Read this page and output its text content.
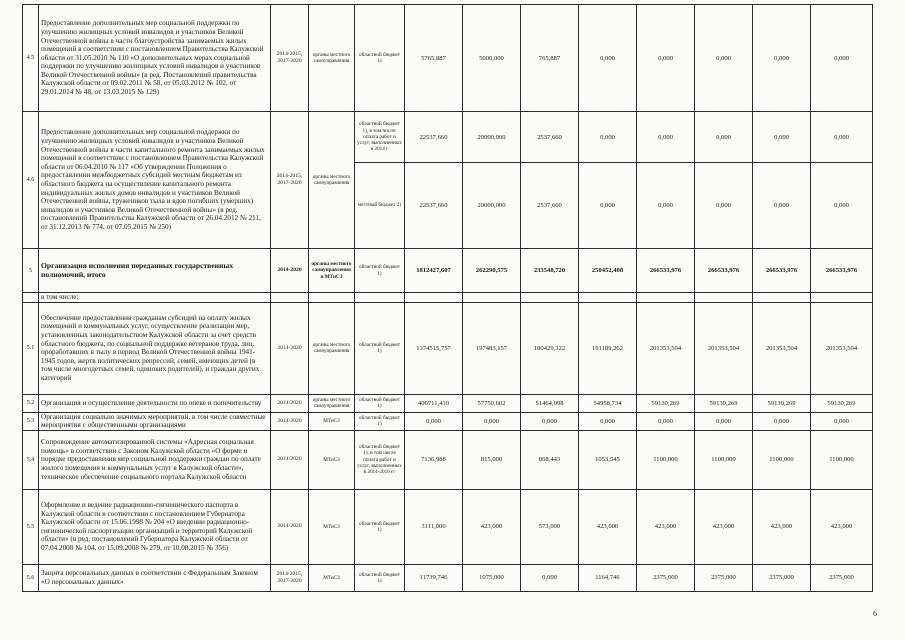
4.5	Предоставление дополнительных мер социальной поддержки по улучшению жилищных условий инвалидов и участников Великой Отечественной войны в части благоустройства занимаемых жилых помещений в соответствии с постановлением Правительства Калужской области от 31.05.2010 № 110 «О дополнительных мерах социальной поддержки по улучшению жилищных условий инвалидов и участников Великой Отечественной войны» (в ред. Постановлений правительства Калужской области от 09.02.2011 № 58, от 05.03.2012 № 102, от 29.01.2014 № 48, от 13.03.2015 № 129)	2014-2015, 2017-2020	органы местного самоуправления	областной бюджет 1)	5765,887	5000,000	765,887	0,000	0,000	0,000	0,000	0,000
4.6	Предоставление дополнительных мер социальной поддержки по улучшению жилищных условий инвалидов и участников Великой Отечественной войны в части капитального ремонта занимаемых жилых помещений в соответствии с постановлением Правительства Калужской области от 06.04.2010 № 117 «Об утверждении Положения о предоставлении межбюджетных субсидий местным бюджетам из областного бюджета на осуществление капитального ремонта индивидуальных жилых домов инвалидов и участников Великой Отечественной войны, тружеников тыла и вдов погибших (умерших) инвалидов и участников Великой Отечественной войны» (в ред. постановлений Правительства Калужской области от 26.04.2012 № 211, от 31.12.2013 № 774, от 07.05.2015 № 250)	2014-2015, 2017-2020	органы местного самоуправления	областной бюджет 1), в том числе: оплата работ и услуг, выполненных в 2014 г	22537,660	20000,000	2537,660	0,000	0,000	0,000	0,000	0,000
				местный бюджет 2)	22537,660	20000,000	2537,660	0,000	0,000	0,000	0,000	0,000
5	Организация исполнения переданных государственных полномочий, итого	2014-2020	органы местного самоуправления и МТиСЗ	областной бюджет 1)	1812427,607	262290,575	233548,720	250452,408	266533,976	266533,976	266533,976	266533,976
	в том числе:											
5.1	Обеспечение предоставления гражданам субсидий на оплату жилых помещений и коммунальных услуг, осуществление реализации мер, установленных законодательством Калужской области за счет средств областного бюджета, по социальной поддержке ветеранов труда, лиц, проработавших в тылу в период Великой Отечественной войны 1941-1945 годов, жертв политических репрессий, семей, имеющих детей (в том числе многодетных семей, одиноких родителей), и граждан других категорий	2014-2020	органы местного самоуправления	областной бюджет 1)	1374515,757	197483,157	180429,322	191189,262	201353,504	201353,504	201353,504	201353,504
5.2	Организация и осуществление деятельности по опеке и попечительству	2014-2020	органы местного самоуправления	областной бюджет 1)	400711,410	57750,602	51464,998	54958,734	59139,269	59139,269	59139,269	59139,269
5.3	Организация социально значимых мероприятий, в том числе совместные мероприятия с общественными организациями	2014-2020	МТиСЗ	областной бюджет 1)	0,000	0,000	0,000	0,000	0,000	0,000	0,000	0,000
5.4	Сопровождение автоматизированной системы «Адресная социальная помощь» в соответствии с Законом Калужской области «О форме и порядке предоставления мер социальной поддержки граждан по оплате жилого помещения и коммунальных услуг в Калужской области», техническое обеспечение социального портала Калужской области	2014-2020	МТиСЗ	областной бюджет 1), в том числе оплата работ и услуг, выполненных в 2014-2016 гг	7136,988	815,000	868,443	1053,545	1100,000	1100,000	1100,000	1100,000
5.5	Оформление и ведение радиационно-гигиенического паспорта в Калужской области в соответствии с постановлением Губернатора Калужской области от 15.06.1998 № 204 «О введении радиационно-гигиенической паспортизации организаций и территорий Калужской области» (в ред. постановлений Губернатора Калужской области от 07.04.2008 № 104, от 15.09.2008 № 279, от 10.08.2015 № 356)	2014-2020	МТиСЗ	областной бюджет 1)	3111,000	423,000	573,000	423,000	423,000	423,000	423,000	423,000
5.6	Защита персональных данных в соответствии с Федеральным Законом «О персональных данных»	2014-2015, 2017-2020	МТиСЗ	областной бюджет 1)	11739,746	1075,000	0,000	1164,746	2375,000	2375,000	2375,000	2375,000
6
